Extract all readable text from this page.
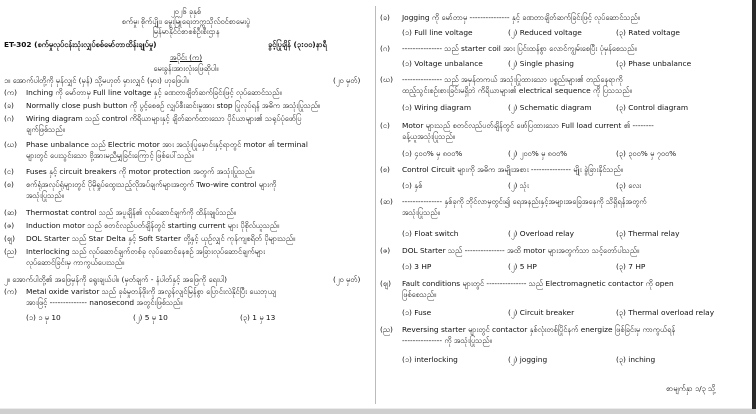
၂၀၂၆ ခုနှစ်
စက်မှု၊ စိုက်ပျိုး၊ မွေးမြူရေးတက္ကသိုလ်ဝင်စာမေးပွဲ
မြန်မာနိုင်ငံစာစစ်ဦးစီးဌာန
ET-302 (စက်မှုလုပ်ငန်းသုံးလျှပ်စစ်မော်တာထိန်းချုပ်မှု)	ခွင့်ပြုချိန် (၃:၀၀)နာရီ
အပိုင်း (က)
မေးခွန်းအားလုံးဖြေဆိုပါ။
၁။ အောက်ပါတို့ကို မှန်လျှင် (မှန်) သို့မဟုတ် မှားလျှင် (မှား) ဟုဖြေပါ။	(၂၀ မှတ်)
(က) Inching ကို မော်တာမှ Full line voltage နှင့် ခဏတာချိတ်ဆက်ခြင်းဖြင့် လုပ်ဆောင်သည်။
(ခ) Normally close push button ကို ပွင့်စေစဉ် လျှပ်စီးဆင်းမှုအား stop ပြုလုပ်ရန် အဓိက အသုံးပြုသည်။
(ဂ) Wiring diagram သည် control ကိရိယာများနှင့် ချိတ်ဆက်ထားသော ပိုင်ယာများ၏ သရုပ်ပုံဖော်ပြ
ချက်ဖြစ်သည်။
(ဃ) Phase unbalance သည် Electric motor အား အသုံးပြုမှောင်းနှင့်ရာတွင် motor ၏ terminal
များတွင် ပေးသွင်းသော ဗို့အားမညီမျှခြင်းကြောင့် ဖြစ်ပေါ်သည်။
(င) Fuses နှင့် circuit breakers ကို motor protection အတွက် အသုံးပြုသည်။
(စ) စက်ရုံအလုပ်ရုံများတွင် ပိုမိုရှုပ်ထွေးသည့်လိုအပ်ချက်များအတွက် Two-wire control များကို
အသုံးပြုသည်။
(ဆ) Thermostat control သည် အပူချိန်၏ လုပ်ဆောင်ချက်ကို ထိန်းချုပ်သည်။
(ဇ) Induction motor သည် စတင်လည်ပတ်ချိန်တွင် starting current များ ပိုစိုလ်ယူသည်။
(ဈ) DOL Starter သည် Star Delta နှင့် Soft Starter တို့နှင့် ယှဉ်လျှင် ကုန်ကျစရိတ် ပိုများသည်။
(ည) Interlocking သည် လုပ်ဆောင်ချက်တစ်ခု လုပ်ဆောင်နေစဉ် အခြားလုပ်ဆောင်ချက်များ
လုပ်ဆောင်ခြင်းမှ ကာကွယ်ပေးသည်။
၂။ အောက်ပါတို့၏ အဖြေမှန်ကို ရွေးချယ်ပါ။ (မှတ်ချက် - နံပါတ်နှင့် အဖြေကို ရေးပါ)	(၂၀ မှတ်)
(က) Metal oxide varistor သည် ခုခံမှုတန်ဖိုးကို အလွန်လျင်မြန်စွာ ပြောင်းလဲနိုင်ပြီး ယေဘုယျ
အားဖြင့် -------------- nanosecond အတွင်းဖြစ်သည်။
(၁) ၁ မှ 10	(၂) 5 မှ 10	(၃) 1 မှ 13
(ခ) Jogging ကို မော်တာမှ --------------- နှင့် ခဏတာချိတ်ဆက်ခြင်းဖြင့် လုပ်ဆောင်သည်။
(၁) Full line voltage	(၂) Reduced voltage	(၃) Rated voltage
(ဂ) --------------- သည် starter coil အား ပြင်းထန်စွာ လောင်ကျွမ်းစေပြီး ပုံမှန်စေသည်။
(၁) Voltage unbalance	(၂) Single phasing	(၃) Phase unbalance
(ဃ) --------------- သည် အမှန်တကယ် အသုံးပြုထားသော ပစ္စည်းများ၏ တည်နေရာကို
ထည့်သွင်းစဉ်းစားခြင်းမရှိဘဲ ကိရိယာများ၏ electrical sequence ကို ပြသသည်။
(၁) Wiring diagram	(၂) Schematic diagram	(၃) Control diagram
(င) Motor များသည် စတင်လည်ပတ်ချိန်တွင် ဖော်ပြထားသော Full load current ၏ --------
ခန့်ယူအသုံးပြုသည်။
(၁) ၄၀၀% မှ ၈၀၀%	(၂) ၂၀၀% မှ ၈၀၀%	(၃) ၃၀၀% မှ ၇၀၀%
(စ) Control Circuit များကို အဓိက အမျိုးအစား --------------- မျိုး ခွဲခြားနိုင်သည်။
(၁) နှစ်	(၂) သုံး	(၃) လေး
(ဆ) --------------- နှစ်ခုကို ဘိုင်လာမှတွင်း၍ ရေအနည်းနှင့်အများအခြေအနေကို သိရှိရန်အတွက်
အသုံးပြုသည်။
(၁) Float switch	(၂) Overload relay	(၃) Thermal relay
(ဇ) DOL Starter သည် --------------- အထိ motor များအတွက်သာ သင့်တော်ပါသည်။
(၁) 3 HP	(၂) 5 HP	(၃) 7 HP
(ဈ) Fault conditions များတွင် --------------- သည် Electromagnetic contactor ကို open
ဖြစ်စေသည်။
(၁) Fuse	(၂) Circuit breaker	(၃) Thermal overload relay
(ည) Reversing starter များတွင် contactor နှစ်လုံးတစ်ပြိုင်နက် energize ဖြစ်ခြင်းမှ ကာကွယ်ရန်
--------------- ကို အသုံးပြုသည်။
(၁) interlocking	(၂) jogging	(၃) inching
စာမျက်နှာ ၁/၃ သို့
